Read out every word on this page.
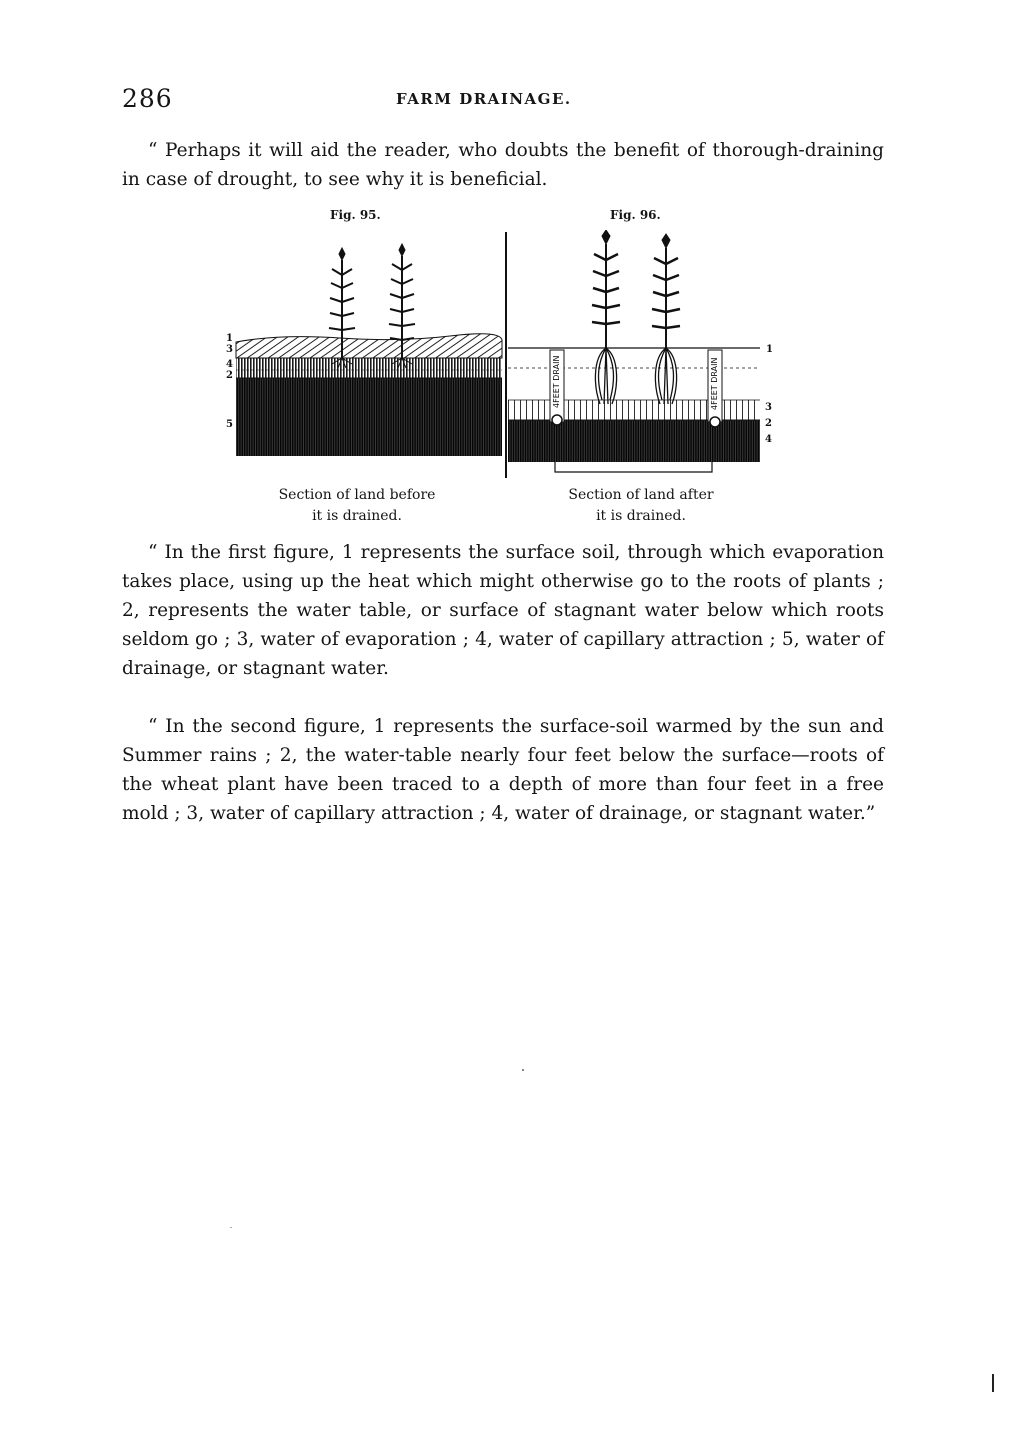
286	FARM DRAINAGE.

“ Perhaps it will aid the reader, who doubts the benefit of thorough-draining in case of drought, to see why it is beneficial.

Fig. 95.	Fig. 96.
1
3
4
2
5
4FEET DRAIN	4FEET DRAIN
1
3
2
4
Section of land before
it is drained.
Section of land after
it is drained.

“ In the first figure, 1 represents the surface soil, through which evaporation takes place, using up the heat which might otherwise go to the roots of plants ; 2, represents the water table, or surface of stagnant water below which roots seldom go ; 3, water of evaporation ; 4, water of capillary attraction ; 5, water of drainage, or stagnant water.

“ In the second figure, 1 represents the surface-soil warmed by the sun and Summer rains ; 2, the water-table nearly four feet below the surface—roots of the wheat plant have been traced to a depth of more than four feet in a free mold ; 3, water of capillary attraction ; 4, water of drainage, or stagnant water.”
